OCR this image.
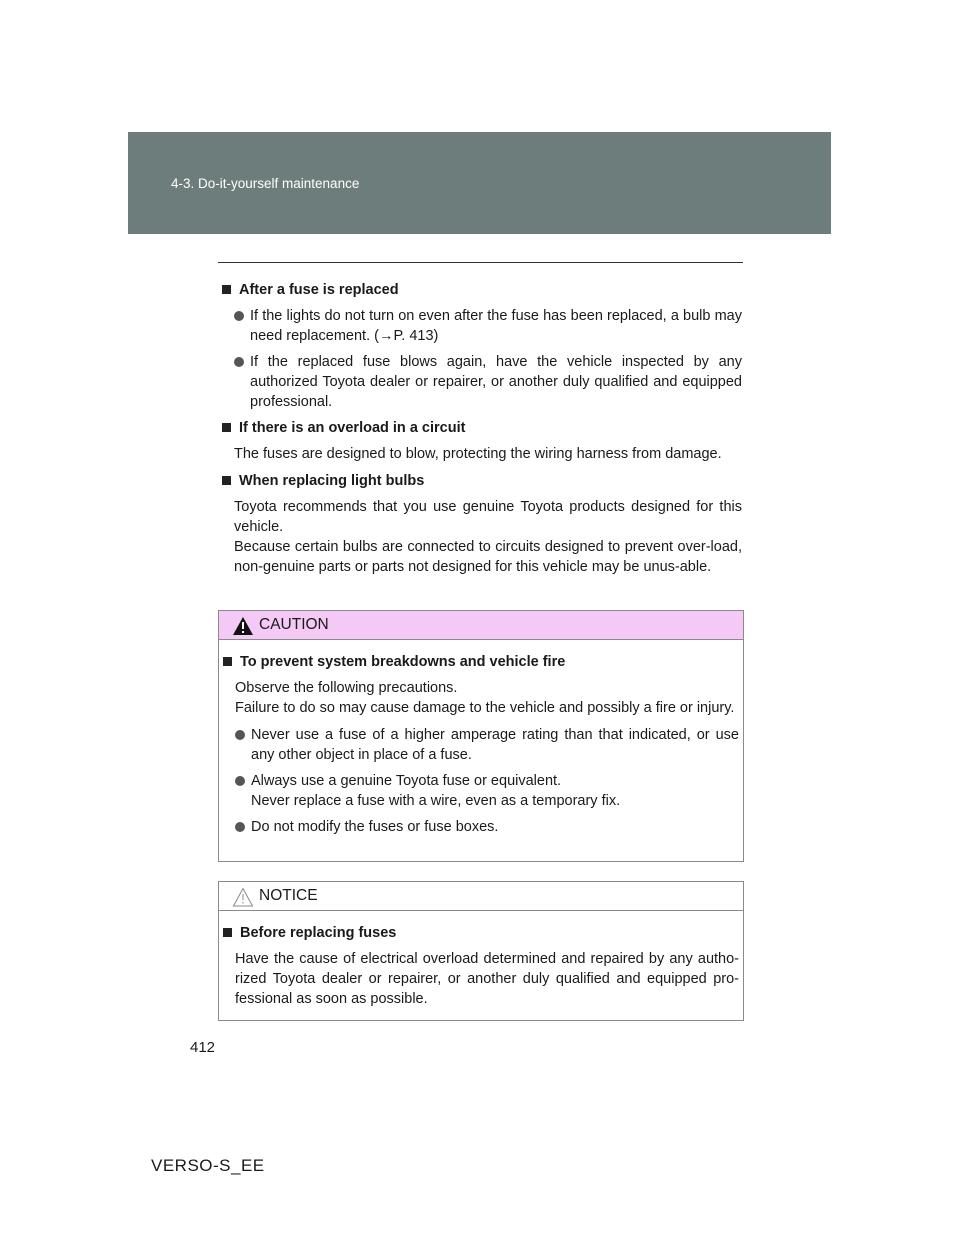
4-3. Do-it-yourself maintenance
After a fuse is replaced
If the lights do not turn on even after the fuse has been replaced, a bulb may need replacement. (→P. 413)
If the replaced fuse blows again, have the vehicle inspected by any authorized Toyota dealer or repairer, or another duly qualified and equipped professional.
If there is an overload in a circuit
The fuses are designed to blow, protecting the wiring harness from damage.
When replacing light bulbs
Toyota recommends that you use genuine Toyota products designed for this vehicle.
Because certain bulbs are connected to circuits designed to prevent over-load, non-genuine parts or parts not designed for this vehicle may be unus-able.
CAUTION
To prevent system breakdowns and vehicle fire
Observe the following precautions.
Failure to do so may cause damage to the vehicle and possibly a fire or injury.
Never use a fuse of a higher amperage rating than that indicated, or use any other object in place of a fuse.
Always use a genuine Toyota fuse or equivalent.
Never replace a fuse with a wire, even as a temporary fix.
Do not modify the fuses or fuse boxes.
NOTICE
Before replacing fuses
Have the cause of electrical overload determined and repaired by any autho-rized Toyota dealer or repairer, or another duly qualified and equipped pro-fessional as soon as possible.
412
VERSO-S_EE
